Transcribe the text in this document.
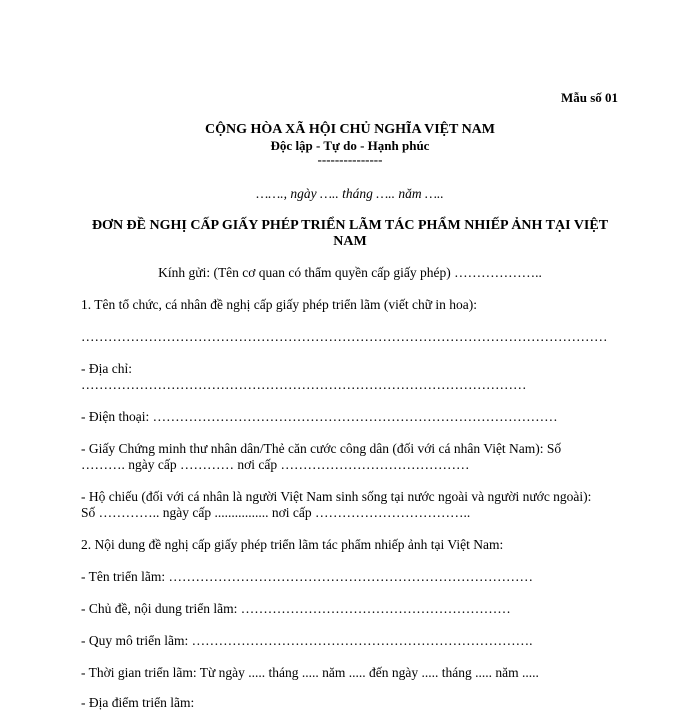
Mẫu số 01
CỘNG HÒA XÃ HỘI CHỦ NGHĨA VIỆT NAM
Độc lập - Tự do - Hạnh phúc
---------------
……., ngày ….. tháng ….. năm …..
ĐƠN ĐỀ NGHỊ CẤP GIẤY PHÉP TRIỂN LÃM TÁC PHẨM NHIẾP ẢNH TẠI VIỆT
NAM
Kính gửi: (Tên cơ quan có thẩm quyền cấp giấy phép) ………………..
1. Tên tổ chức, cá nhân đề nghị cấp giấy phép triển lãm (viết chữ in hoa):
………………………………………………………………………………………………………
- Địa chỉ:
………………………………………………………………………………………
- Điện thoại: ………………………………………………………………………………
- Giấy Chứng minh thư nhân dân/Thẻ căn cước công dân (đối với cá nhân Việt Nam): Số
………. ngày cấp ………… nơi cấp ……………………………………
- Hộ chiếu (đối với cá nhân là người Việt Nam sinh sống tại nước ngoài và người nước ngoài):
Số ………….. ngày cấp ................ nơi cấp ……………………………..
2. Nội dung đề nghị cấp giấy phép triển lãm tác phẩm nhiếp ảnh tại Việt Nam:
- Tên triển lãm: ………………………………………………………………………
- Chủ đề, nội dung triển lãm: ……………………………………………………
- Quy mô triển lãm: ………………………………………………………………….
- Thời gian triển lãm: Từ ngày ..... tháng ..... năm ..... đến ngày ..... tháng ..... năm .....
- Địa điểm triển lãm:
